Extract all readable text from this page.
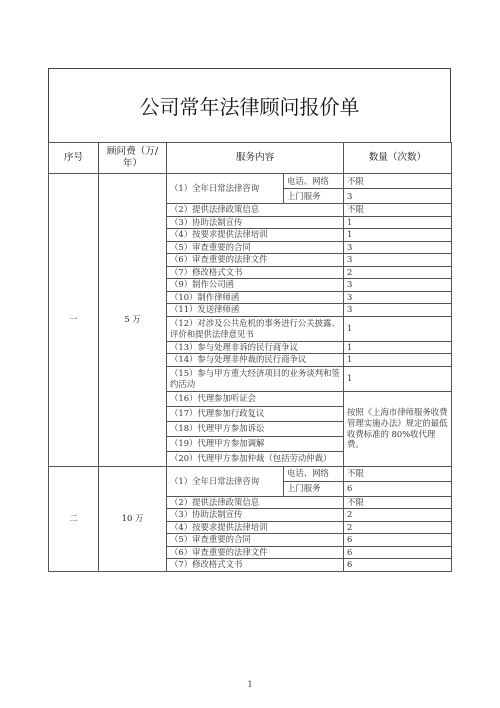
公司常年法律顾问报价单
序号	顾问费（万/年）	服务内容		数量（次数）
一	5 万	（1）全年日常法律咨询	电话、网络	不限
			上门服务	3
		（2）提供法律政策信息		不限
		（3）协助法制宣传		1
		（4）按要求提供法律培训		1
		（5）审查重要的合同		3
		（6）审查重要的法律文件		3
		（7）修改格式文书		2
		（9）制作公司函		3
		（10）制作律师函		3
		（11）发送律师函		3
		（12）对涉及公共危机的事务进行公关披露、评价和提供法律意见书		1
		（13）参与处理非诉的民行商争议		1
		（14）参与处理非仲裁的民行商争议		1
		（15）参与甲方重大经济项目的业务谈判和签约活动		1
		（16）代理参加听证会		按照《上海市律师服务收费管理实施办法》规定的最低收费标准的 80%收代理费。
		（17）代理参加行政复议		
		（18）代理甲方参加诉讼		
		（19）代理甲方参加调解		
		（20）代理甲方参加仲裁（包括劳动仲裁）		
二	10 万	（1）全年日常法律咨询	电话、网络	不限
			上门服务	6
		（2）提供法律政策信息		不限
		（3）协助法制宣传		2
		（4）按要求提供法律培训		2
		（5）审查重要的合同		6
		（6）审查重要的法律文件		6
		（7）修改格式文书		6
1
